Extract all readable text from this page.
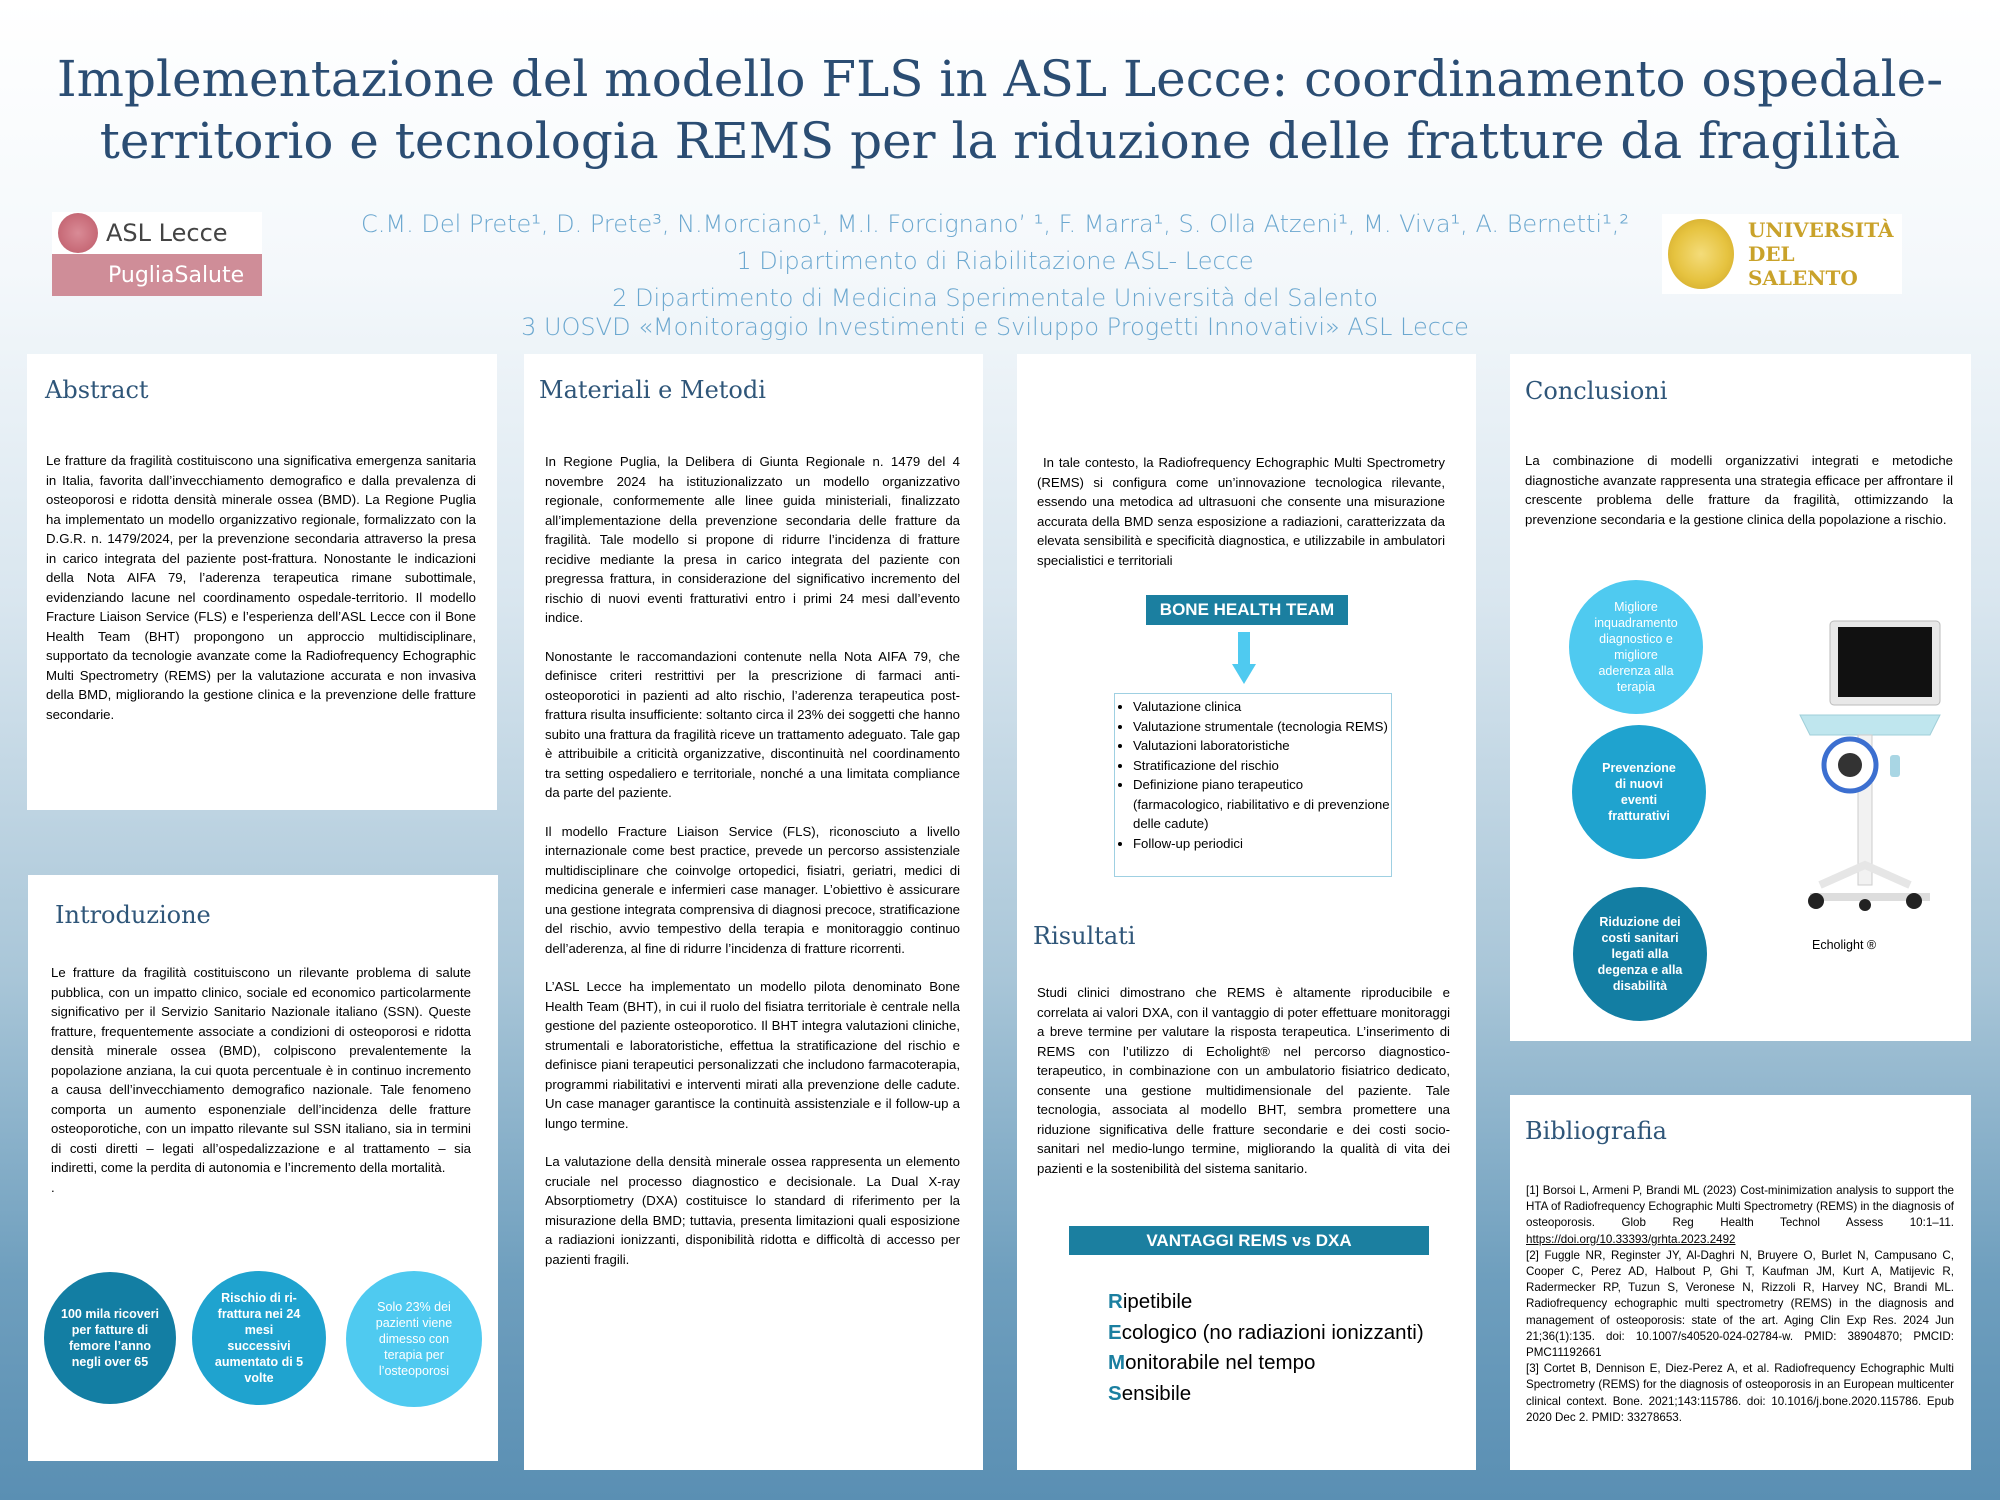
Implementazione del modello FLS in ASL Lecce: coordinamento ospedale-
territorio e tecnologia REMS per la riduzione delle fratture da fragilità
ASL Lecce
PugliaSalute
UNIVERSITÀ
DEL SALENTO
C.M. Del Prete¹, D. Prete³, N.Morciano¹, M.I. Forcignano’ ¹, F. Marra¹, S. Olla Atzeni¹, M. Viva¹, A. Bernetti¹,²
1 Dipartimento di Riabilitazione ASL- Lecce
2 Dipartimento di Medicina Sperimentale Università del Salento
3 UOSVD «Monitoraggio Investimenti e Sviluppo Progetti Innovativi» ASL Lecce
Abstract
Le fratture da fragilità costituiscono una significativa emergenza sanitaria in Italia, favorita dall’invecchiamento demografico e dalla prevalenza di osteoporosi e ridotta densità minerale ossea (BMD). La Regione Puglia ha implementato un modello organizzativo regionale, formalizzato con la D.G.R. n. 1479/2024, per la prevenzione secondaria attraverso la presa in carico integrata del paziente post-frattura. Nonostante le indicazioni della Nota AIFA 79, l’aderenza terapeutica rimane subottimale, evidenziando lacune nel coordinamento ospedale-territorio. Il modello Fracture Liaison Service (FLS) e l’esperienza dell’ASL Lecce con il Bone Health Team (BHT) propongono un approccio multidisciplinare, supportato da tecnologie avanzate come la Radiofrequency Echographic Multi Spectrometry (REMS) per la valutazione accurata e non invasiva della BMD, migliorando la gestione clinica e la prevenzione delle fratture secondarie.
Introduzione
Le fratture da fragilità costituiscono un rilevante problema di salute pubblica, con un impatto clinico, sociale ed economico particolarmente significativo per il Servizio Sanitario Nazionale italiano (SSN). Queste fratture, frequentemente associate a condizioni di osteoporosi e ridotta densità minerale ossea (BMD), colpiscono prevalentemente la popolazione anziana, la cui quota percentuale è in continuo incremento a causa dell’invecchiamento demografico nazionale. Tale fenomeno comporta un aumento esponenziale dell’incidenza delle fratture osteoporotiche, con un impatto rilevante sul SSN italiano, sia in termini di costi diretti – legati all’ospedalizzazione e al trattamento – sia indiretti, come la perdita di autonomia e l’incremento della mortalità.
.
100 mila ricoveri per fatture di femore l’anno negli over 65
Rischio di ri-frattura nei 24 mesi successivi aumentato di 5 volte
Solo 23% dei pazienti viene dimesso con terapia per l’osteoporosi
Materiali e Metodi

In Regione Puglia, la Delibera di Giunta Regionale n. 1479 del 4 novembre 2024 ha istituzionalizzato un modello organizzativo regionale, conformemente alle linee guida ministeriali, finalizzato all’implementazione della prevenzione secondaria delle fratture da fragilità. Tale modello si propone di ridurre l’incidenza di fratture recidive mediante la presa in carico integrata del paziente con pregressa frattura, in considerazione del significativo incremento del rischio di nuovi eventi fratturativi entro i primi 24 mesi dall’evento indice.

Nonostante le raccomandazioni contenute nella Nota AIFA 79, che definisce criteri restrittivi per la prescrizione di farmaci anti-osteoporotici in pazienti ad alto rischio, l’aderenza terapeutica post-frattura risulta insufficiente: soltanto circa il 23% dei soggetti che hanno subito una frattura da fragilità riceve un trattamento adeguato. Tale gap è attribuibile a criticità organizzative, discontinuità nel coordinamento tra setting ospedaliero e territoriale, nonché a una limitata compliance da parte del paziente.

Il modello Fracture Liaison Service (FLS), riconosciuto a livello internazionale come best practice, prevede un percorso assistenziale multidisciplinare che coinvolge ortopedici, fisiatri, geriatri, medici di medicina generale e infermieri case manager. L’obiettivo è assicurare una gestione integrata comprensiva di diagnosi precoce, stratificazione del rischio, avvio tempestivo della terapia e monitoraggio continuo dell’aderenza, al fine di ridurre l’incidenza di fratture ricorrenti.

L’ASL Lecce ha implementato un modello pilota denominato Bone Health Team (BHT), in cui il ruolo del fisiatra territoriale è centrale nella gestione del paziente osteoporotico. Il BHT integra valutazioni cliniche, strumentali e laboratoristiche, effettua la stratificazione del rischio e definisce piani terapeutici personalizzati che includono farmacoterapia, programmi riabilitativi e interventi mirati alla prevenzione delle cadute. Un case manager garantisce la continuità assistenziale e il follow-up a lungo termine.

La valutazione della densità minerale ossea rappresenta un elemento cruciale nel processo diagnostico e decisionale. La Dual X-ray Absorptiometry (DXA) costituisce lo standard di riferimento per la misurazione della BMD; tuttavia, presenta limitazioni quali esposizione a radiazioni ionizzanti, disponibilità ridotta e difficoltà di accesso per pazienti fragili.

In tale contesto, la Radiofrequency Echographic Multi Spectrometry (REMS) si configura come un’innovazione tecnologica rilevante, essendo una metodica ad ultrasuoni che consente una misurazione accurata della BMD senza esposizione a radiazioni, caratterizzata da elevata sensibilità e specificità diagnostica, e utilizzabile in ambulatori specialistici e territoriali
BONE HEALTH TEAM
• Valutazione clinica
• Valutazione strumentale (tecnologia REMS)
• Valutazioni laboratoristiche
• Stratificazione del rischio
• Definizione piano terapeutico (farmacologico, riabilitativo e di prevenzione delle cadute)
• Follow-up periodici
Risultati
Studi clinici dimostrano che REMS è altamente riproducibile e correlata ai valori DXA, con il vantaggio di poter effettuare monitoraggi a breve termine per valutare la risposta terapeutica. L’inserimento di REMS con l’utilizzo di Echolight® nel percorso diagnostico-terapeutico, in combinazione con un ambulatorio fisiatrico dedicato, consente una gestione multidimensionale del paziente. Tale tecnologia, associata al modello BHT, sembra promettere una riduzione significativa delle fratture secondarie e dei costi socio-sanitari nel medio-lungo termine, migliorando la qualità di vita dei pazienti e la sostenibilità del sistema sanitario.
VANTAGGI REMS vs DXA
Ripetibile
Ecologico (no radiazioni ionizzanti)
Monitorabile nel tempo
Sensibile
Conclusioni
La combinazione di modelli organizzativi integrati e metodiche diagnostiche avanzate rappresenta una strategia efficace per affrontare il crescente problema delle fratture da fragilità, ottimizzando la prevenzione secondaria e la gestione clinica della popolazione a rischio.
Migliore inquadramento diagnostico e migliore aderenza alla terapia
Prevenzione di nuovi eventi fratturativi
Riduzione dei costi sanitari legati alla degenza e alla disabilità
Echolight ®
Bibliografia
[1] Borsoi L, Armeni P, Brandi ML (2023) Cost-minimization analysis to support the HTA of Radiofrequency Echographic Multi Spectrometry (REMS) in the diagnosis of osteoporosis. Glob Reg Health Technol Assess 10:1–11. https://doi.org/10.33393/grhta.2023.2492
[2] Fuggle NR, Reginster JY, Al-Daghri N, Bruyere O, Burlet N, Campusano C, Cooper C, Perez AD, Halbout P, Ghi T, Kaufman JM, Kurt A, Matijevic R, Radermecker RP, Tuzun S, Veronese N, Rizzoli R, Harvey NC, Brandi ML. Radiofrequency echographic multi spectrometry (REMS) in the diagnosis and management of osteoporosis: state of the art. Aging Clin Exp Res. 2024 Jun 21;36(1):135. doi: 10.1007/s40520-024-02784-w. PMID: 38904870; PMCID: PMC11192661
[3] Cortet B, Dennison E, Diez-Perez A, et al. Radiofrequency Echographic Multi Spectrometry (REMS) for the diagnosis of osteoporosis in an European multicenter clinical context. Bone. 2021;143:115786. doi: 10.1016/j.bone.2020.115786. Epub 2020 Dec 2. PMID: 33278653.
